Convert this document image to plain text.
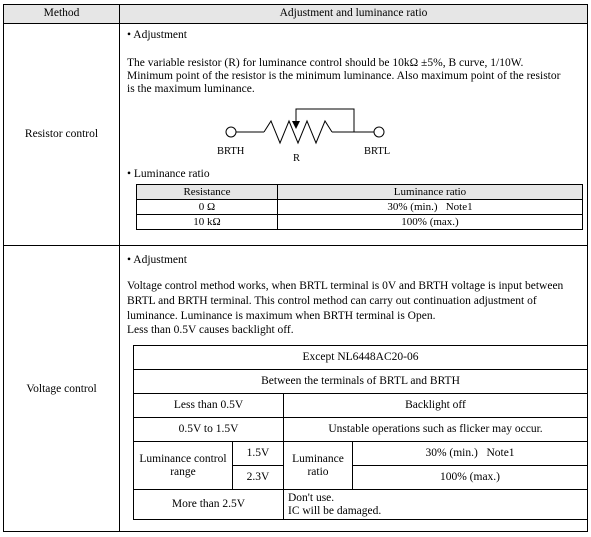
Method	Adjustment and luminance ratio
Resistor control
• Adjustment
The variable resistor (R) for luminance control should be 10kΩ ±5%, B curve, 1/10W.
Minimum point of the resistor is the minimum luminance. Also maximum point of the resistor
is the maximum luminance.
BRTH
R
BRTL
• Luminance ratio
Resistance	Luminance ratio
0 Ω	30% (min.)   Note1
10 kΩ	100% (max.)
Voltage control
• Adjustment
Voltage control method works, when BRTL terminal is 0V and BRTH voltage is input between
BRTL and BRTH terminal. This control method can carry out continuation adjustment of
luminance. Luminance is maximum when BRTH terminal is Open.
Less than 0.5V causes backlight off.
Except NL6448AC20-06			
Between the terminals of BRTL and BRTH			
Less than 0.5V		Backlight off	
0.5V to 1.5V		Unstable operations such as flicker may occur.	
Luminance control range	1.5V	Luminance ratio	30% (min.)   Note1
	2.3V		100% (max.)
More than 2.5V		Don't use.
IC will be damaged.	
